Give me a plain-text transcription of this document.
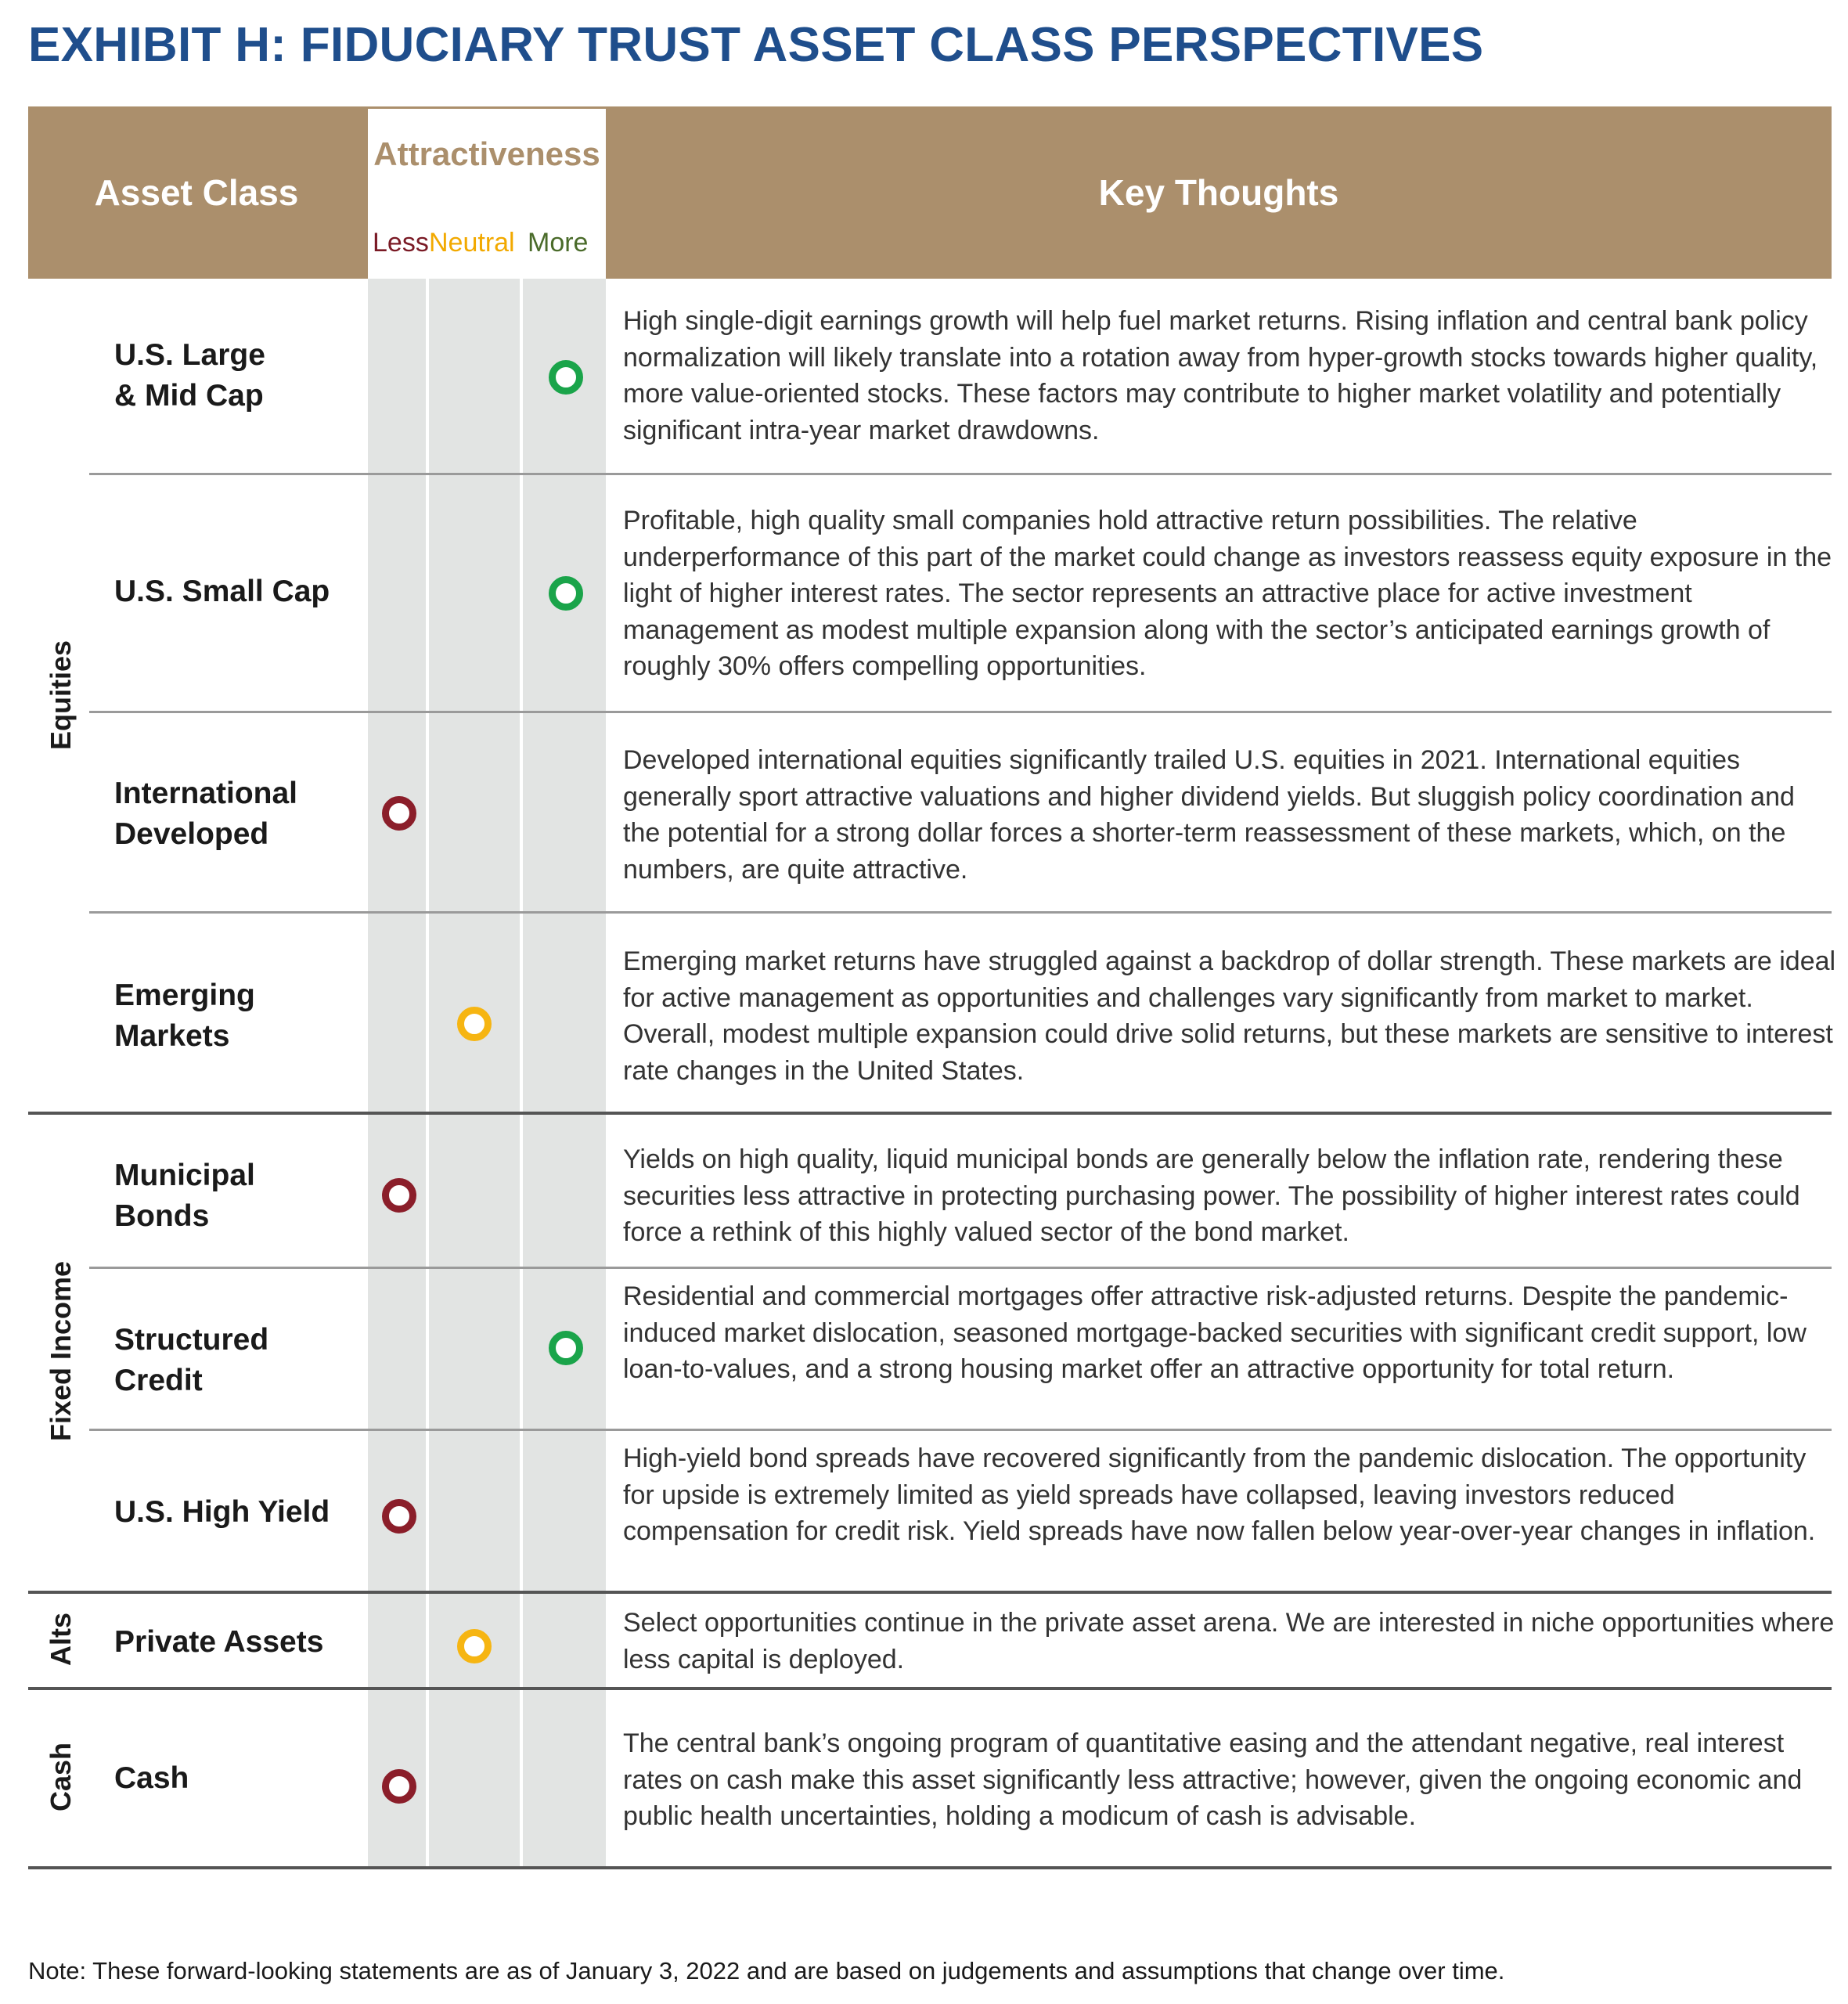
EXHIBIT H: FIDUCIARY TRUST ASSET CLASS PERSPECTIVES
Asset Class
Attractiveness
Less Neutral More
Key Thoughts
Equities
Fixed Income
Alts
Cash
U.S. Large
& Mid Cap
High single-digit earnings growth will help fuel market returns. Rising inflation and central bank policy normalization will likely translate into a rotation away from hyper-growth stocks towards higher quality, more value-oriented stocks. These factors may contribute to higher market volatility and potentially significant intra-year market drawdowns.
U.S. Small Cap
Profitable, high quality small companies hold attractive return possibilities. The relative underperformance of this part of the market could change as investors reassess equity exposure in the light of higher interest rates. The sector represents an attractive place for active investment management as modest multiple expansion along with the sector’s anticipated earnings growth of roughly 30% offers compelling opportunities.
International
Developed
Developed international equities significantly trailed U.S. equities in 2021. International equities generally sport attractive valuations and higher dividend yields. But sluggish policy coordination and the potential for a strong dollar forces a shorter-term reassessment of these markets, which, on the numbers, are quite attractive.
Emerging
Markets
Emerging market returns have struggled against a backdrop of dollar strength. These markets are ideal for active management as opportunities and challenges vary significantly from market to market. Overall, modest multiple expansion could drive solid returns, but these markets are sensitive to interest rate changes in the United States.
Municipal
Bonds
Yields on high quality, liquid municipal bonds are generally below the inflation rate, rendering these securities less attractive in protecting purchasing power. The possibility of higher interest rates could force a rethink of this highly valued sector of the bond market.
Structured
Credit
Residential and commercial mortgages offer attractive risk-adjusted returns. Despite the pandemic-induced market dislocation, seasoned mortgage-backed securities with significant credit support, low loan-to-values, and a strong housing market offer an attractive opportunity for total return.
U.S. High Yield
High-yield bond spreads have recovered significantly from the pandemic dislocation. The opportunity for upside is extremely limited as yield spreads have collapsed, leaving investors reduced compensation for credit risk. Yield spreads have now fallen below year-over-year changes in inflation.
Private Assets
Select opportunities continue in the private asset arena. We are interested in niche opportunities where less capital is deployed.
Cash
The central bank’s ongoing program of quantitative easing and the attendant negative, real interest rates on cash make this asset significantly less attractive; however, given the ongoing economic and public health uncertainties, holding a modicum of cash is advisable.
Note: These forward-looking statements are as of January 3, 2022 and are based on judgements and assumptions that change over time.
